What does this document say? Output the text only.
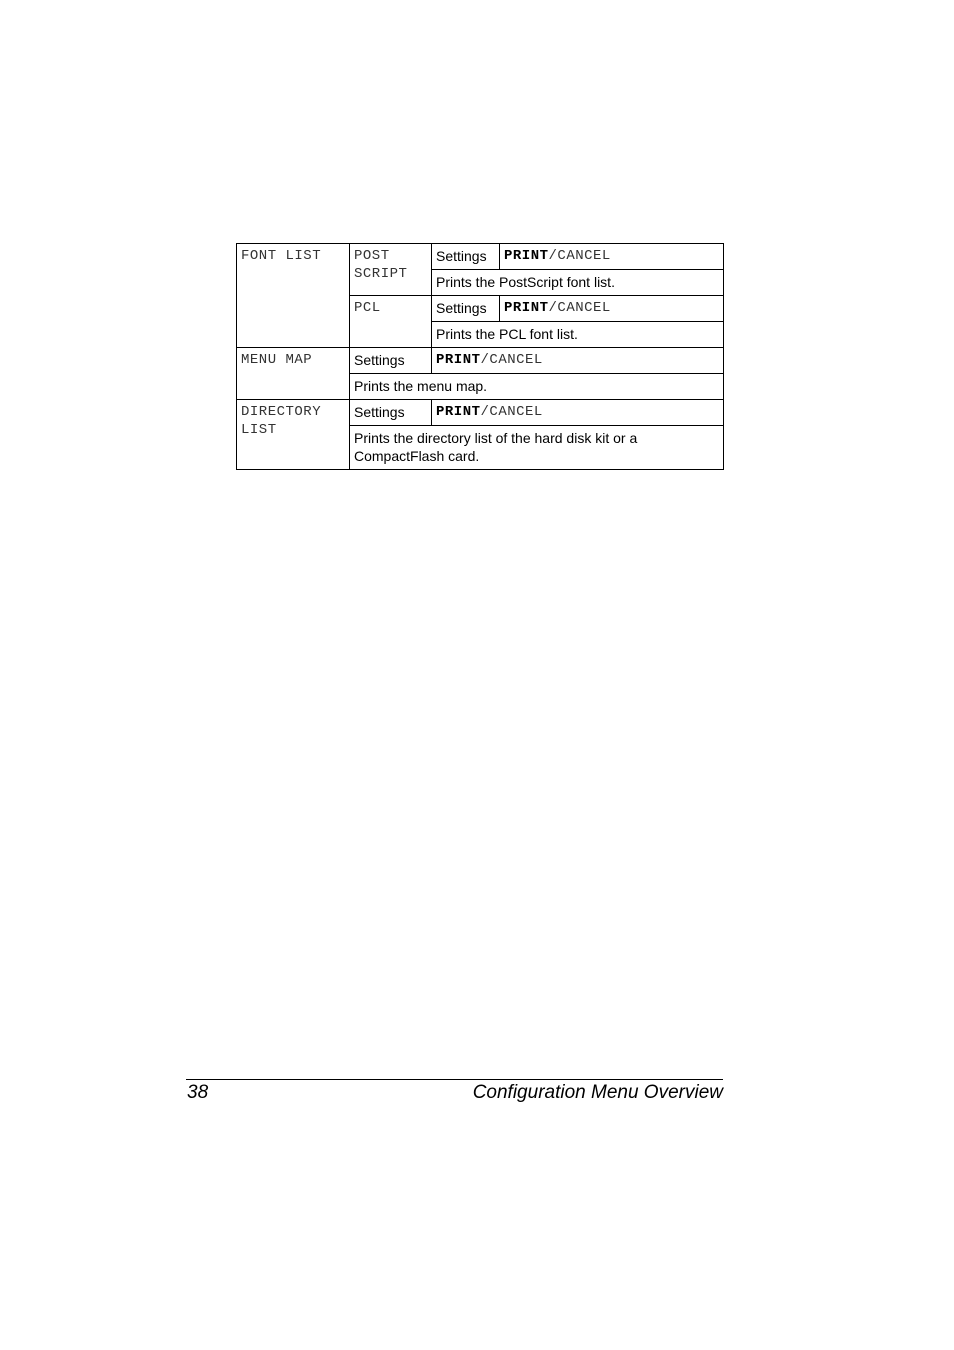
FONT LIST	POST SCRIPT	Settings	PRINT/CANCEL
		Prints the PostScript font list.	
	PCL	Settings	PRINT/CANCEL
		Prints the PCL font list.	
MENU MAP	Settings	PRINT/CANCEL	
	Prints the menu map.		
DIRECTORY LIST	Settings	PRINT/CANCEL	
	Prints the directory list of the hard disk kit or a CompactFlash card.		
38	Configuration Menu Overview
